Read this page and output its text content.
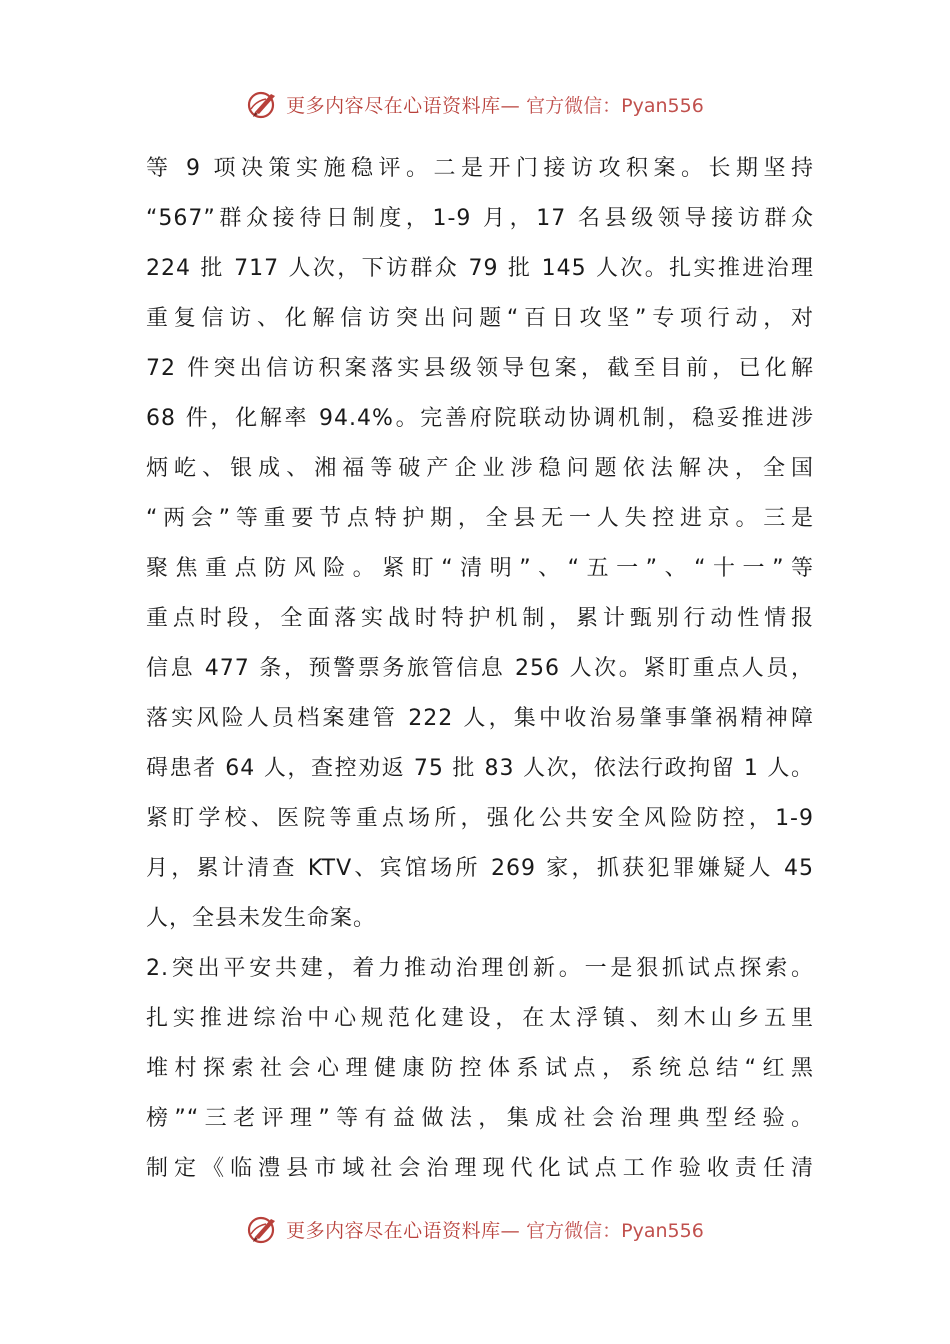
更多内容尽在心语资料库— 官方微信：Pyan556
等 9 项决策实施稳评。二是开门接访攻积案。长期坚持
“567”群众接待日制度，1-9 月，17 名县级领导接访群众
224 批 717 人次，下访群众 79 批 145 人次。扎实推进治理
重复信访、化解信访突出问题“百日攻坚”专项行动，对
72 件突出信访积案落实县级领导包案，截至目前，已化解
68 件，化解率 94.4%。完善府院联动协调机制，稳妥推进涉
炳屹、银成、湘福等破产企业涉稳问题依法解决，全国
“两会”等重要节点特护期，全县无一人失控进京。三是
聚焦重点防风险。紧盯“清明”、“五一”、“十一”等
重点时段，全面落实战时特护机制，累计甄别行动性情报
信息 477 条，预警票务旅管信息 256 人次。紧盯重点人员，
落实风险人员档案建管 222 人，集中收治易肇事肇祸精神障
碍患者 64 人，查控劝返 75 批 83 人次，依法行政拘留 1 人。
紧盯学校、医院等重点场所，强化公共安全风险防控，1-9
月，累计清查 KTV、宾馆场所 269 家，抓获犯罪嫌疑人 45
人，全县未发生命案。
2.突出平安共建，着力推动治理创新。一是狠抓试点探索。
扎实推进综治中心规范化建设，在太浮镇、刻木山乡五里
堆村探索社会心理健康防控体系试点，系统总结“红黑
榜”“三老评理”等有益做法，集成社会治理典型经验。
制定《临澧县市域社会治理现代化试点工作验收责任清
更多内容尽在心语资料库— 官方微信：Pyan556
